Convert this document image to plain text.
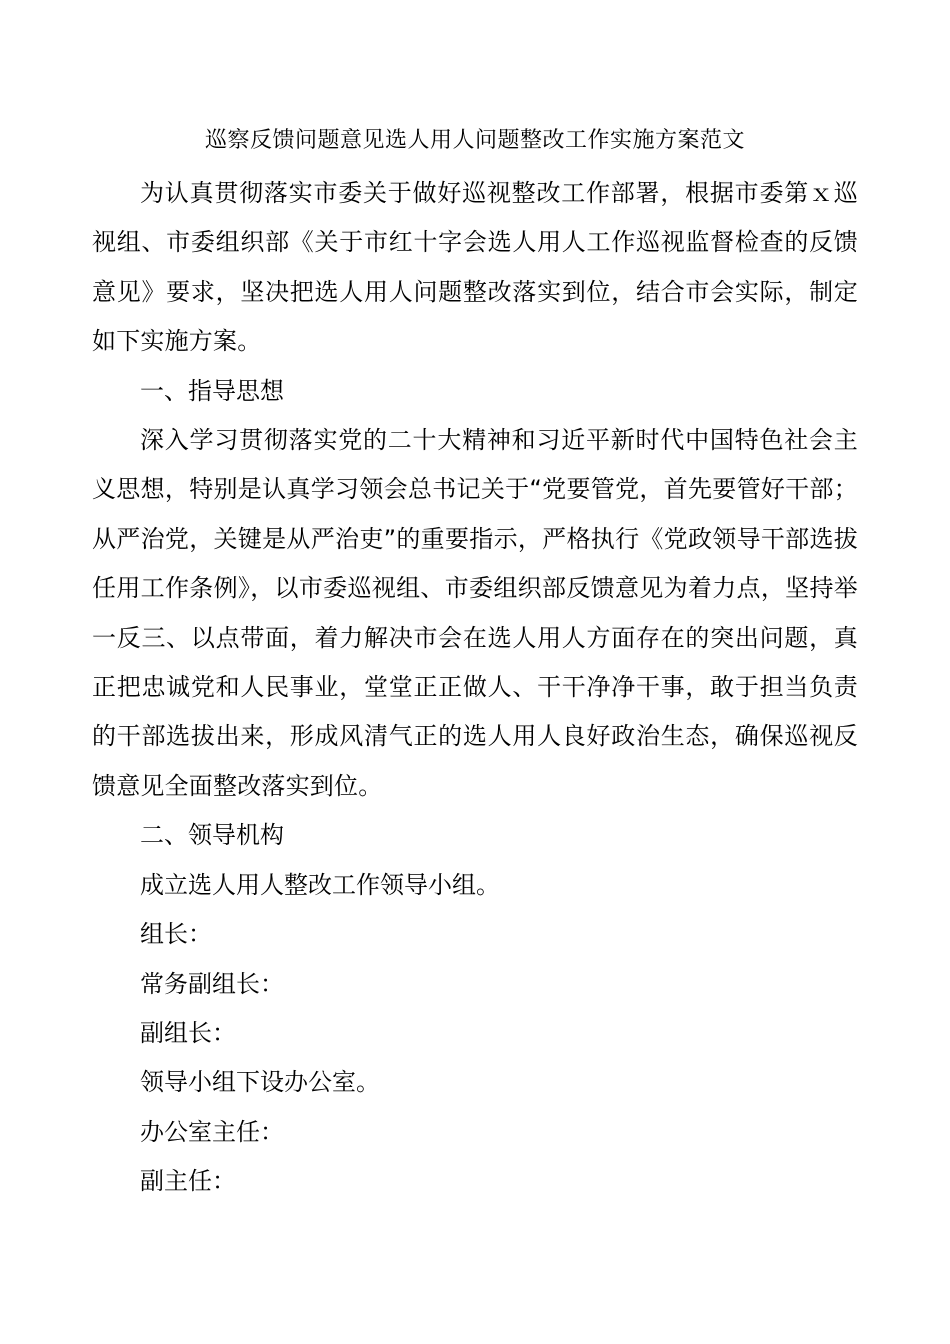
巡察反馈问题意见选人用人问题整改工作实施方案范文

为认真贯彻落实市委关于做好巡视整改工作部署，根据市委第ｘ巡视组、市委组织部《关于市红十字会选人用人工作巡视监督检查的反馈意见》要求，坚决把选人用人问题整改落实到位，结合市会实际，制定如下实施方案。

一、指导思想

深入学习贯彻落实党的二十大精神和习近平新时代中国特色社会主义思想，特别是认真学习领会总书记关于“党要管党，首先要管好干部；从严治党，关键是从严治吏”的重要指示，严格执行《党政领导干部选拔任用工作条例》，以市委巡视组、市委组织部反馈意见为着力点，坚持举一反三、以点带面，着力解决市会在选人用人方面存在的突出问题，真正把忠诚党和人民事业，堂堂正正做人、干干净净干事，敢于担当负责的干部选拔出来，形成风清气正的选人用人良好政治生态，确保巡视反馈意见全面整改落实到位。

二、领导机构

成立选人用人整改工作领导小组。

组长：

常务副组长：

副组长：

领导小组下设办公室。

办公室主任：

副主任：
